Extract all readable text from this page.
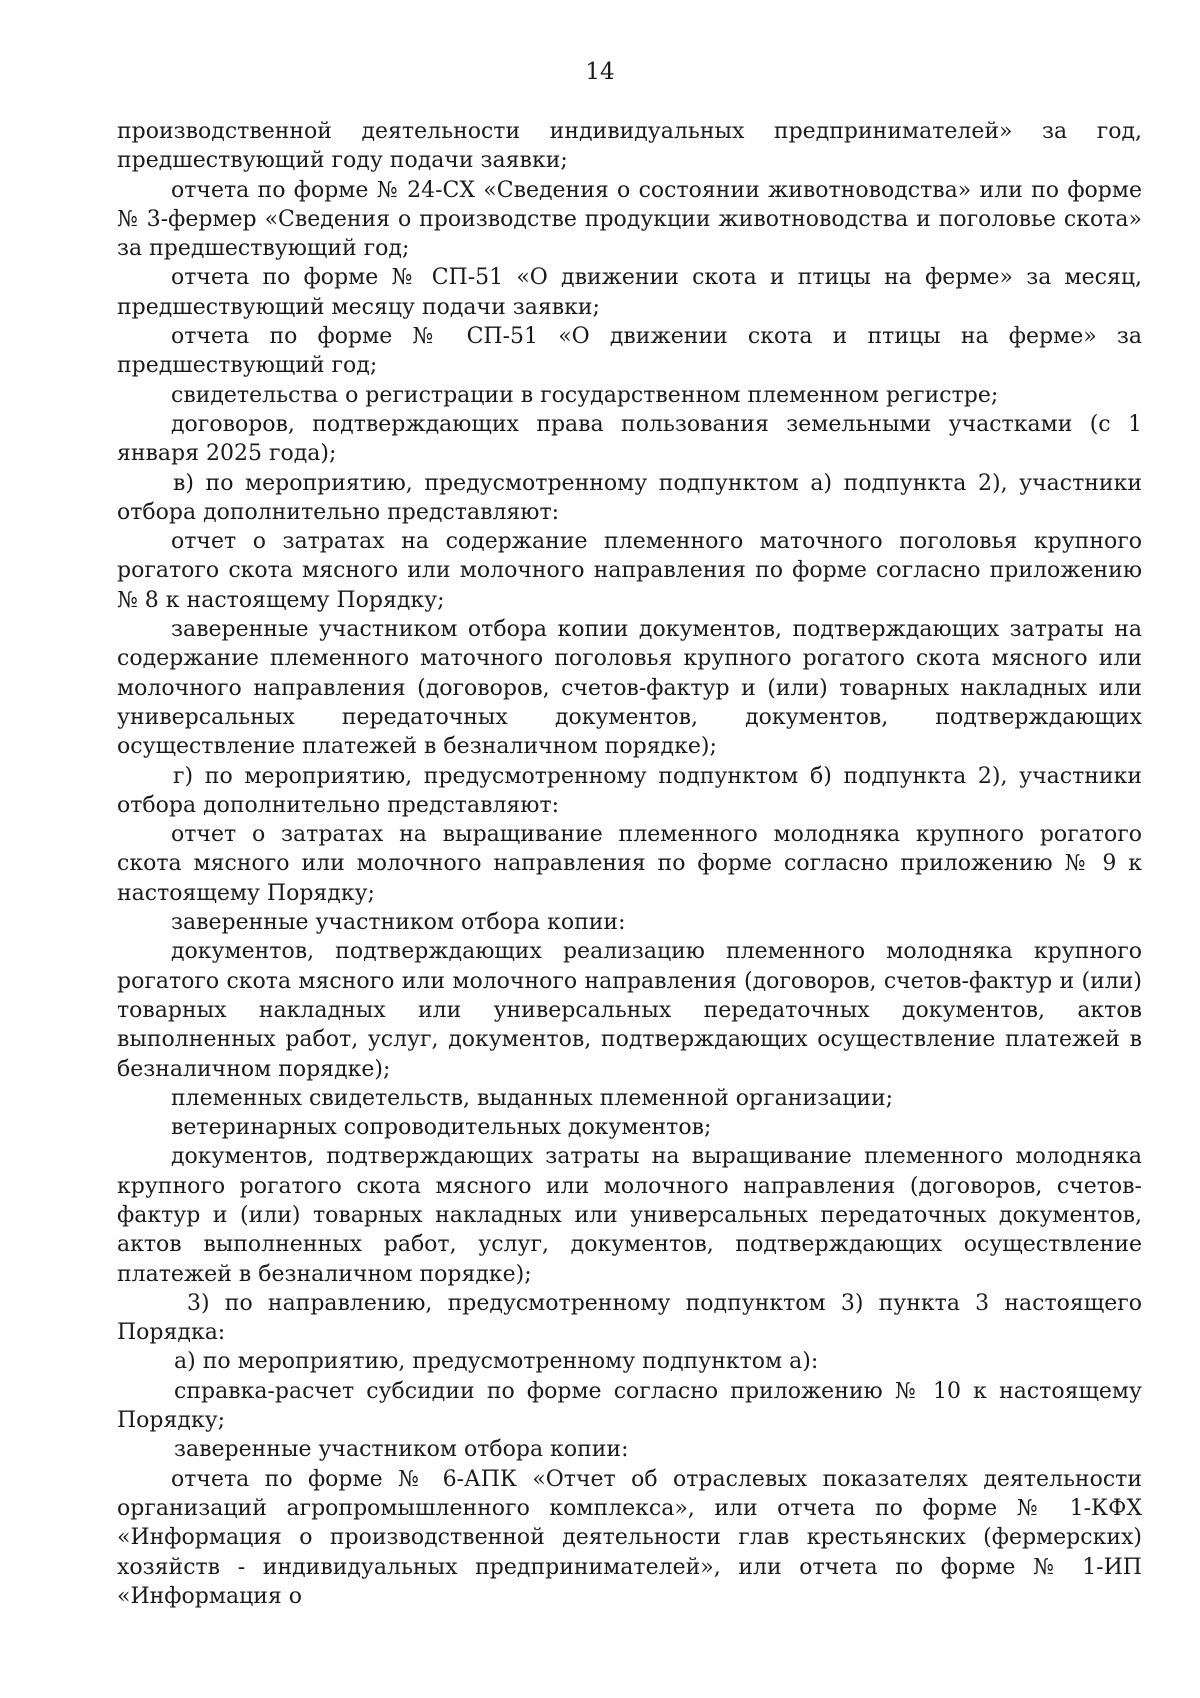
14

производственной деятельности индивидуальных предпринимателей» за год, предшествующий году подачи заявки;

отчета по форме № 24-СХ «Сведения о состоянии животноводства» или по форме № 3-фермер «Сведения о производстве продукции животноводства и поголовье скота» за предшествующий год;

отчета по форме № СП-51 «О движении скота и птицы на ферме» за месяц, предшествующий месяцу подачи заявки;

отчета по форме № СП-51 «О движении скота и птицы на ферме» за предшествующий год;

свидетельства о регистрации в государственном племенном регистре;

договоров, подтверждающих права пользования земельными участками (с 1 января 2025 года);

в) по мероприятию, предусмотренному подпунктом а) подпункта 2), участники отбора дополнительно представляют:

отчет о затратах на содержание племенного маточного поголовья крупного рогатого скота мясного или молочного направления по форме согласно приложению № 8 к настоящему Порядку;

заверенные участником отбора копии документов, подтверждающих затраты на содержание племенного маточного поголовья крупного рогатого скота мясного или молочного направления (договоров, счетов-фактур и (или) товарных накладных или универсальных передаточных документов, документов, подтверждающих осуществление платежей в безналичном порядке);

г) по мероприятию, предусмотренному подпунктом б) подпункта 2), участники отбора дополнительно представляют:

отчет о затратах на выращивание племенного молодняка крупного рогатого скота мясного или молочного направления по форме согласно приложению № 9 к настоящему Порядку;

заверенные участником отбора копии:

документов, подтверждающих реализацию племенного молодняка крупного рогатого скота мясного или молочного направления (договоров, счетов-фактур и (или) товарных накладных или универсальных передаточных документов, актов выполненных работ, услуг, документов, подтверждающих осуществление платежей в безналичном порядке);

племенных свидетельств, выданных племенной организации;

ветеринарных сопроводительных документов;

документов, подтверждающих затраты на выращивание племенного молодняка крупного рогатого скота мясного или молочного направления (договоров, счетов-фактур и (или) товарных накладных или универсальных передаточных документов, актов выполненных работ, услуг, документов, подтверждающих осуществление платежей в безналичном порядке);

3) по направлению, предусмотренному подпунктом 3) пункта 3 настоящего Порядка:

а) по мероприятию, предусмотренному подпунктом а):

справка-расчет субсидии по форме согласно приложению № 10 к настоящему Порядку;

заверенные участником отбора копии:

отчета по форме № 6-АПК «Отчет об отраслевых показателях деятельности организаций агропромышленного комплекса», или отчета по форме № 1-КФХ «Информация о производственной деятельности глав крестьянских (фермерских) хозяйств - индивидуальных предпринимателей», или отчета по форме № 1-ИП «Информация о
